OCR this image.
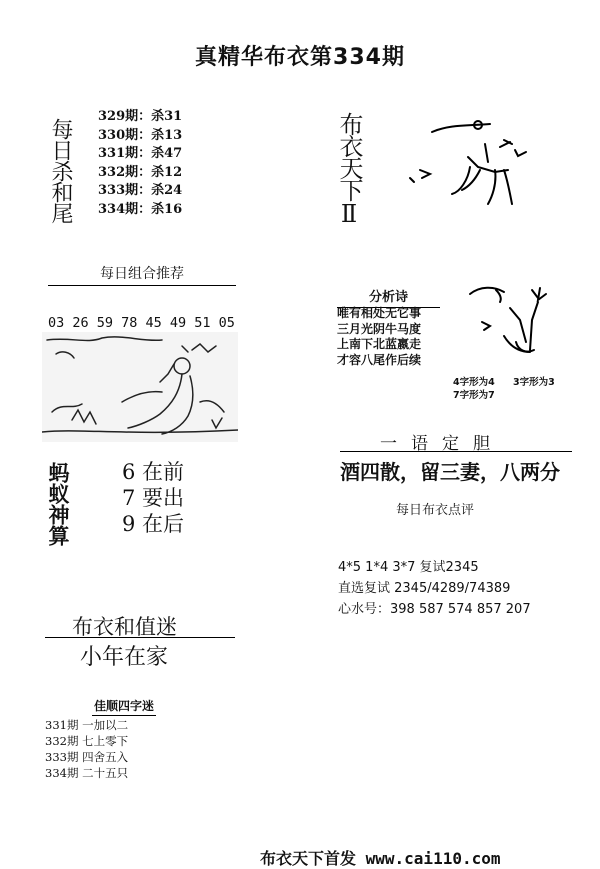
真精华布衣第334期
每日杀和尾
329期：杀31
330期：杀13
331期：杀47
332期：杀12
333期：杀24
334期：杀16	布衣天下Ⅱ
每日组合推荐

03 26 59 78 45 49 51 05

分析诗
唯有相处无它事
三月光阴牛马度
上南下北蓝嬴走
才容八尾作后续
4字形为4 3字形为3
7字形为7
一语定胆
酒四散，留三妻，八两分
每日布衣点评
4*5 1*4 3*7 复试2345
直选复试 2345/4289/74389
心水号：398 587 574 857 207
蚂蚁神算 6 在前
7 要出
9 在后
布衣和值迷
小年在家
佳顺四字迷
331期 一加以二
332期 七上零下
333期 四舍五入
334期 二十五只
布衣天下首发 www.cai110.com
